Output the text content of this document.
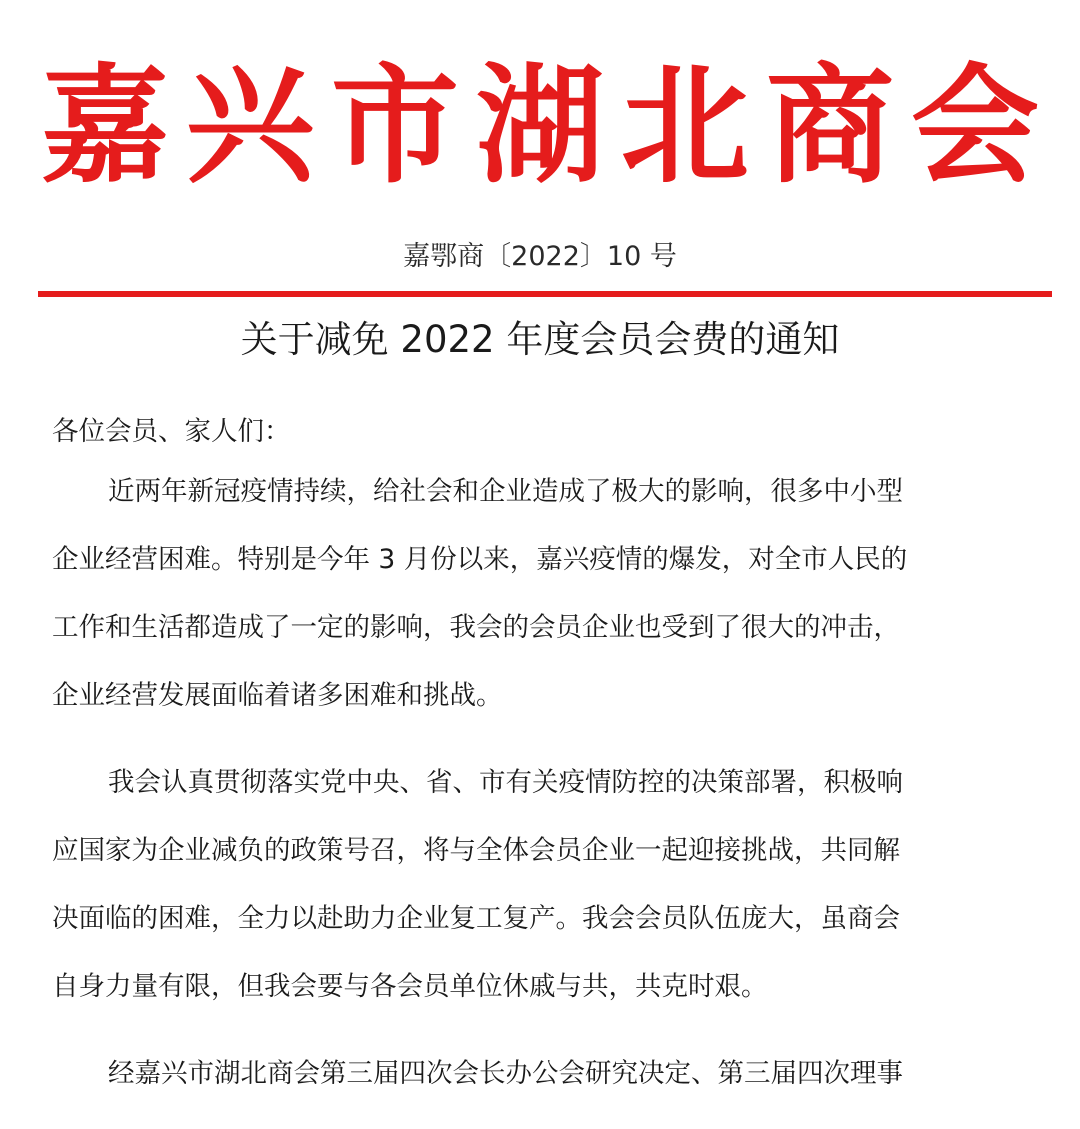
嘉兴市湖北商会
嘉鄂商〔2022〕10 号
关于减免 2022 年度会员会费的通知

各位会员、家人们：

近两年新冠疫情持续，给社会和企业造成了极大的影响，很多中小型
企业经营困难。特别是今年 3 月份以来，嘉兴疫情的爆发，对全市人民的
工作和生活都造成了一定的影响，我会的会员企业也受到了很大的冲击，
企业经营发展面临着诸多困难和挑战。
我会认真贯彻落实党中央、省、市有关疫情防控的决策部署，积极响
应国家为企业减负的政策号召，将与全体会员企业一起迎接挑战，共同解
决面临的困难，全力以赴助力企业复工复产。我会会员队伍庞大，虽商会
自身力量有限，但我会要与各会员单位休戚与共，共克时艰。
经嘉兴市湖北商会第三届四次会长办公会研究决定、第三届四次理事
